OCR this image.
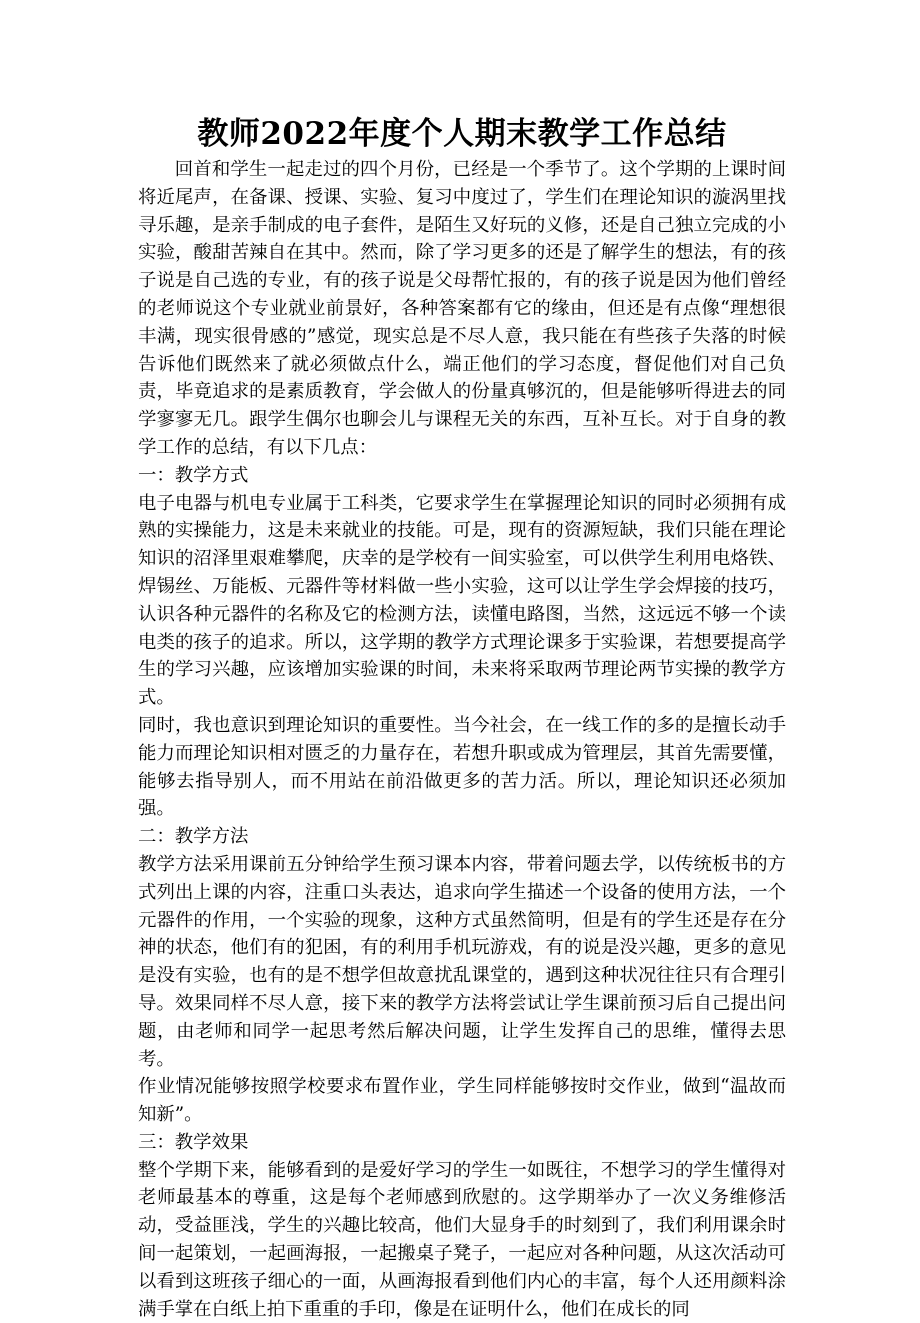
教师2022年度个人期末教学工作总结

回首和学生一起走过的四个月份，已经是一个季节了。这个学期的上课时间将近尾声，在备课、授课、实验、复习中度过了，学生们在理论知识的漩涡里找寻乐趣，是亲手制成的电子套件，是陌生又好玩的义修，还是自己独立完成的小实验，酸甜苦辣自在其中。然而，除了学习更多的还是了解学生的想法，有的孩子说是自己选的专业，有的孩子说是父母帮忙报的，有的孩子说是因为他们曾经的老师说这个专业就业前景好，各种答案都有它的缘由，但还是有点像“理想很丰满，现实很骨感的”感觉，现实总是不尽人意，我只能在有些孩子失落的时候告诉他们既然来了就必须做点什么，端正他们的学习态度，督促他们对自己负责，毕竟追求的是素质教育，学会做人的份量真够沉的，但是能够听得进去的同学寥寥无几。跟学生偶尔也聊会儿与课程无关的东西，互补互长。对于自身的教学工作的总结，有以下几点：

一：教学方式

电子电器与机电专业属于工科类，它要求学生在掌握理论知识的同时必须拥有成熟的实操能力，这是未来就业的技能。可是，现有的资源短缺，我们只能在理论知识的沼泽里艰难攀爬，庆幸的是学校有一间实验室，可以供学生利用电烙铁、焊锡丝、万能板、元器件等材料做一些小实验，这可以让学生学会焊接的技巧，认识各种元器件的名称及它的检测方法，读懂电路图，当然，这远远不够一个读电类的孩子的追求。所以，这学期的教学方式理论课多于实验课，若想要提高学生的学习兴趣，应该增加实验课的时间，未来将采取两节理论两节实操的教学方式。

同时，我也意识到理论知识的重要性。当今社会，在一线工作的多的是擅长动手能力而理论知识相对匮乏的力量存在，若想升职或成为管理层，其首先需要懂，能够去指导别人，而不用站在前沿做更多的苦力活。所以，理论知识还必须加强。

二：教学方法

教学方法采用课前五分钟给学生预习课本内容，带着问题去学，以传统板书的方式列出上课的内容，注重口头表达，追求向学生描述一个设备的使用方法，一个元器件的作用，一个实验的现象，这种方式虽然简明，但是有的学生还是存在分神的状态，他们有的犯困，有的利用手机玩游戏，有的说是没兴趣，更多的意见是没有实验，也有的是不想学但故意扰乱课堂的，遇到这种状况往往只有合理引导。效果同样不尽人意，接下来的教学方法将尝试让学生课前预习后自己提出问题，由老师和同学一起思考然后解决问题，让学生发挥自己的思维，懂得去思考。

作业情况能够按照学校要求布置作业，学生同样能够按时交作业，做到“温故而知新”。

三：教学效果

整个学期下来，能够看到的是爱好学习的学生一如既往，不想学习的学生懂得对老师最基本的尊重，这是每个老师感到欣慰的。这学期举办了一次义务维修活动，受益匪浅，学生的兴趣比较高，他们大显身手的时刻到了，我们利用课余时间一起策划，一起画海报，一起搬桌子凳子，一起应对各种问题，从这次活动可以看到这班孩子细心的一面，从画海报看到他们内心的丰富，每个人还用颜料涂满手掌在白纸上拍下重重的手印，像是在证明什么，他们在成长的同
